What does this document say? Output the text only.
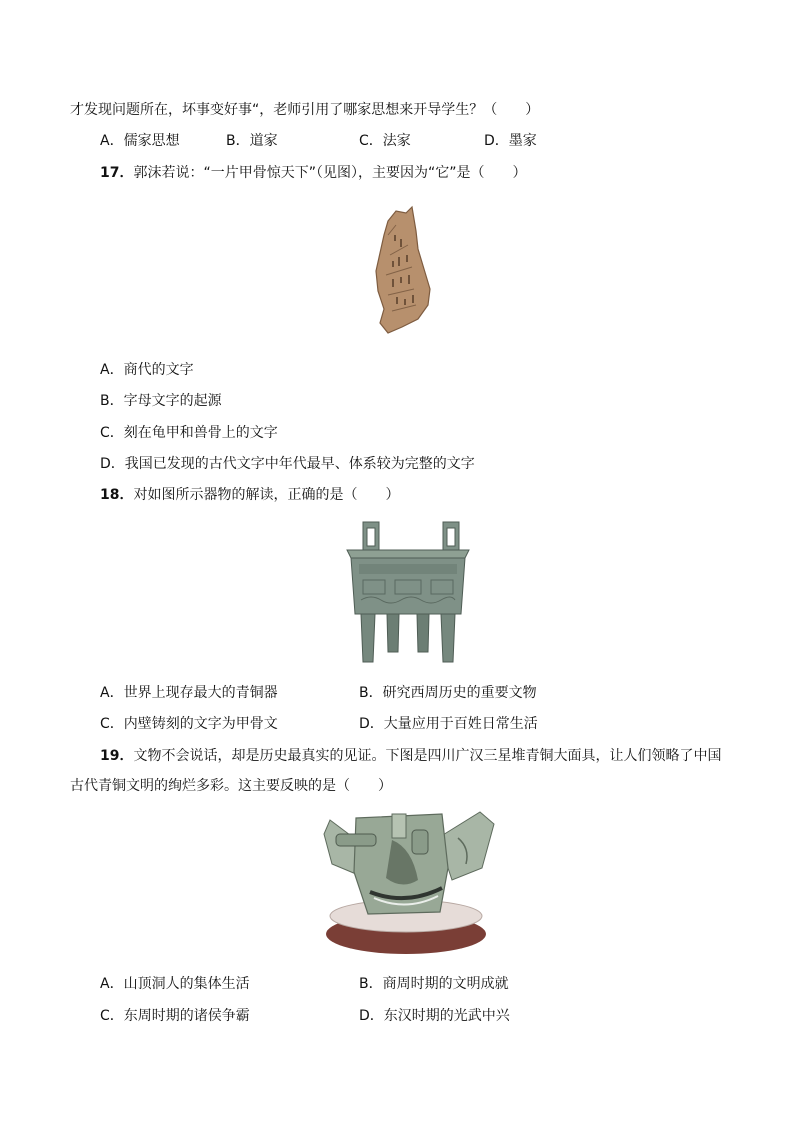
才发现问题所在，坏事变好事“，老师引用了哪家思想来开导学生？（　　）
A．儒家思想	B．道家	C．法家	D．墨家
17．郭沫若说：“一片甲骨惊天下”（见图），主要因为“它”是（　　）
A．商代的文字
B．字母文字的起源
C．刻在龟甲和兽骨上的文字
D．我国已发现的古代文字中年代最早、体系较为完整的文字
18．对如图所示器物的解读，正确的是（　　）
A．世界上现存最大的青铜器	B．研究西周历史的重要文物
C．内壁铸刻的文字为甲骨文	D．大量应用于百姓日常生活
19．文物不会说话，却是历史最真实的见证。下图是四川广汉三星堆青铜大面具，让人们领略了中国
古代青铜文明的绚烂多彩。这主要反映的是（　　）
A．山顶洞人的集体生活	B．商周时期的文明成就
C．东周时期的诸侯争霸	D．东汉时期的光武中兴
